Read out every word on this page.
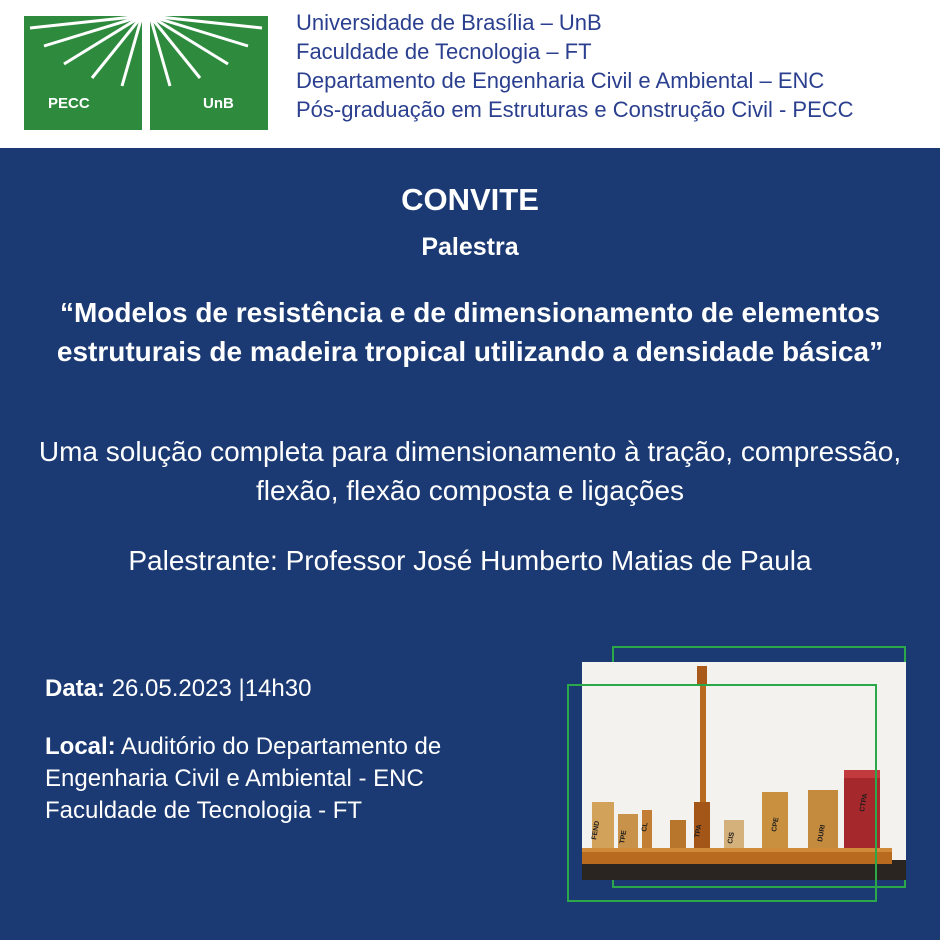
PECC	UnB
Universidade de Brasília – UnB
Faculdade de Tecnologia – FT
Departamento de Engenharia Civil e Ambiental – ENC
Pós-graduação em Estruturas e Construção Civil - PECC
CONVITE
Palestra
“Modelos de resistência e de dimensionamento de elementos estruturais de madeira tropical utilizando a densidade básica”
Uma solução completa para dimensionamento à tração, compressão, flexão, flexão composta e ligações
Palestrante: Professor José Humberto Matias de Paula
Data: 26.05.2023 |14h30
Local: Auditório do Departamento de
Engenharia Civil e Ambiental - ENC
Faculdade de Tecnologia - FT
FEND	TPE
CL	TPA	CIS
CPE	DURI
CTPA
